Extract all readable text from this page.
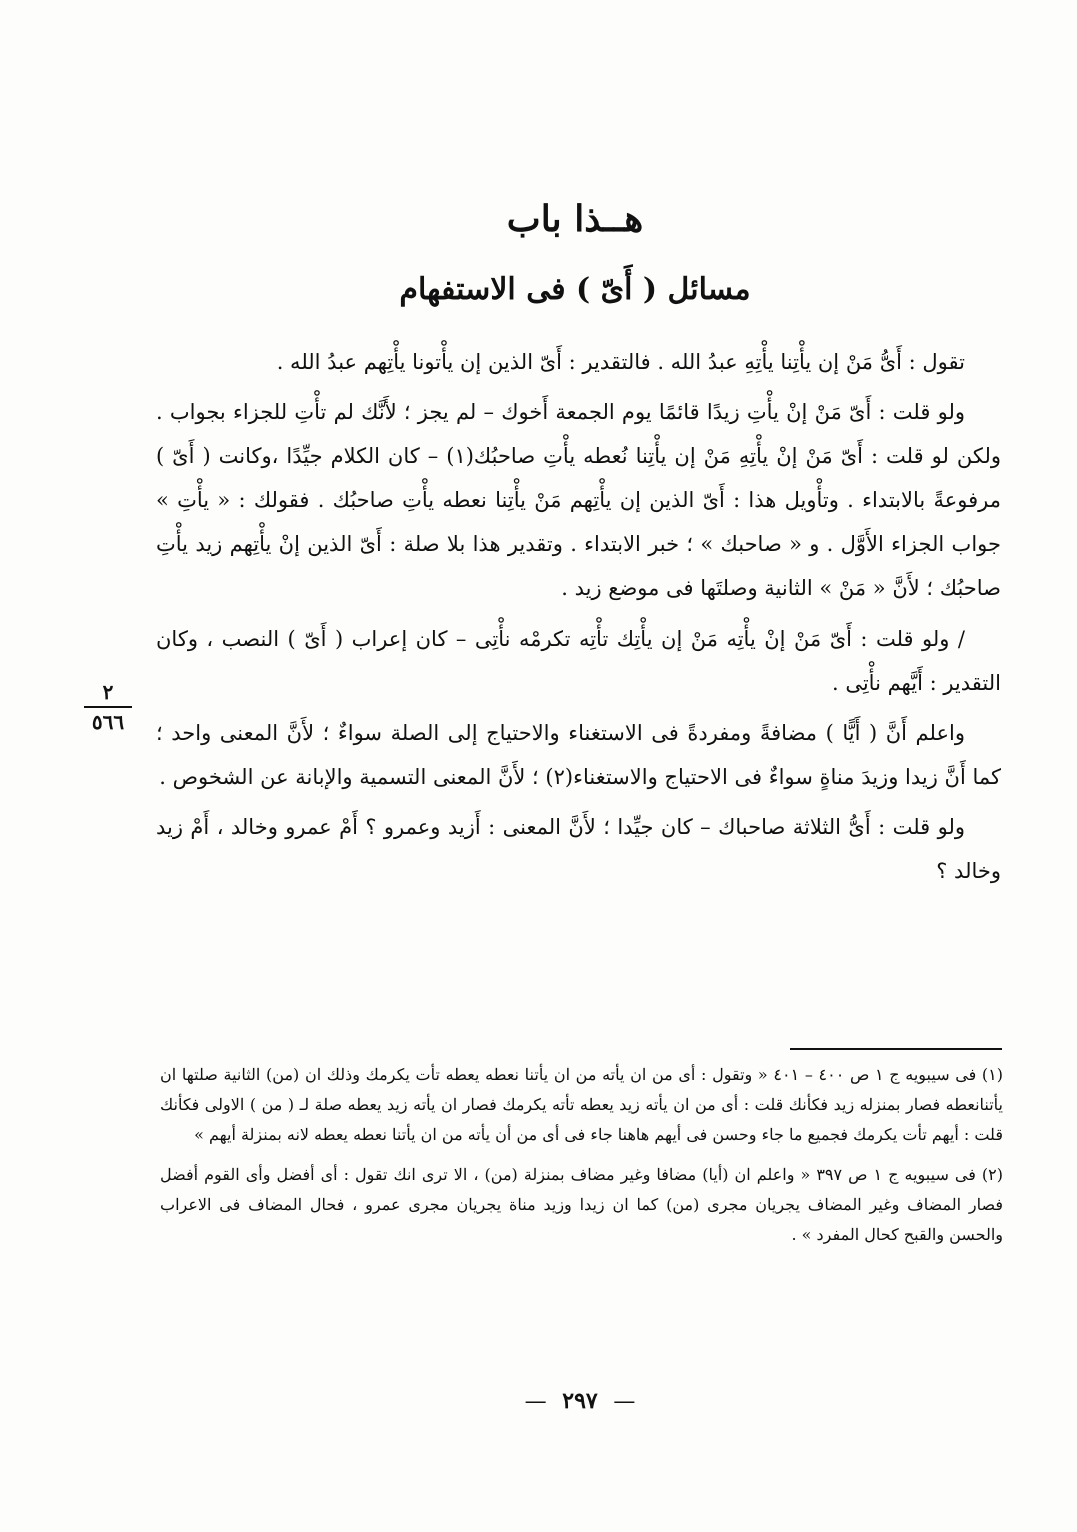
هــذا باب
مسائل ( أَىّ ) فى الاستفهام

تقول : أَىُّ مَنْ إن يأْتِنا يأْتِهِ عبدُ الله . فالتقدير : أَىّ الذين إن يأْتونا يأْتِهم عبدُ الله .

ولو قلت : أَىّ مَنْ إنْ يأْتِ زيدًا قائمًا يوم الجمعة أَخوك – لم يجز ؛ لأَنَّك لم تأْتِ للجزاء بجواب . ولكن لو قلت : أَىّ مَنْ إنْ يأْتِهِ مَنْ إن يأْتِنا نُعطه يأْتِ صاحبُك(١) – كان الكلام جيِّدًا ،وكانت ( أَىّ ) مرفوعةً بالابتداء . وتأْويل هذا : أَىّ الذين إن يأْتِهم مَنْ يأْتِنا نعطه يأْتِ صاحبُك . فقولك : « يأْتِ » جواب الجزاء الأَوَّل . و « صاحبك » ؛ خبر الابتداء . وتقدير هذا بلا صلة : أَىّ الذين إنْ يأْتِهم زيد يأْتِ صاحبُك ؛ لأَنَّ « مَنْ » الثانية وصلتَها فى موضع زيد .

/ ولو قلت : أَىّ مَنْ إنْ يأْتِه مَنْ إن يأْتِك تأْتِه تكرمْه نأْتِى – كان إعراب ( أَىّ ) النصب ، وكان التقدير : أَيَّهم نأْتِى .

واعلم أَنَّ ( أَيًّا ) مضافةً ومفردةً فى الاستغناء والاحتياج إلى الصلة سواءٌ ؛ لأَنَّ المعنى واحد ؛ كما أَنَّ زيدا وزيدَ مناةٍ سواءٌ فى الاحتياج والاستغناء(٢) ؛ لأَنَّ المعنى التسمية والإبانة عن الشخوص .

ولو قلت : أَىُّ الثلاثة صاحباك – كان جيِّدا ؛ لأَنَّ المعنى : أَزيد وعمرو ؟ أَمْ عمرو وخالد ، أَمْ زيد وخالد ؟

٢
٥٦٦

(١) فى سيبويه ج ١ ص ٤٠٠ – ٤٠١ « وتقول : أى من ان يأته من ان يأتنا نعطه يعطه تأت يكرمك وذلك ان (من) الثانية صلتها ان يأتنانعطه فصار بمنزله زيد فكأنك قلت : أى من ان يأته زيد يعطه تأته يكرمك فصار ان يأته زيد يعطه صلة لـ ( من ) الاولى فكأنك قلت : أيهم تأت يكرمك فجميع ما جاء وحسن فى أيهم هاهنا جاء فى أى من أن يأته من ان يأتنا نعطه يعطه لانه بمنزلة أيهم »

(٢) فى سيبويه ج ١ ص ٣٩٧ « واعلم ان (أيا) مضافا وغير مضاف بمنزلة (من) ، الا ترى انك تقول : أى أفضل وأى القوم أفضل فصار المضاف وغير المضاف يجريان مجرى (من) كما ان زيدا وزيد مناة يجريان مجرى عمرو ، فحال المضاف فى الاعراب والحسن والقبح كحال المفرد » .

— ٢٩٧ —
